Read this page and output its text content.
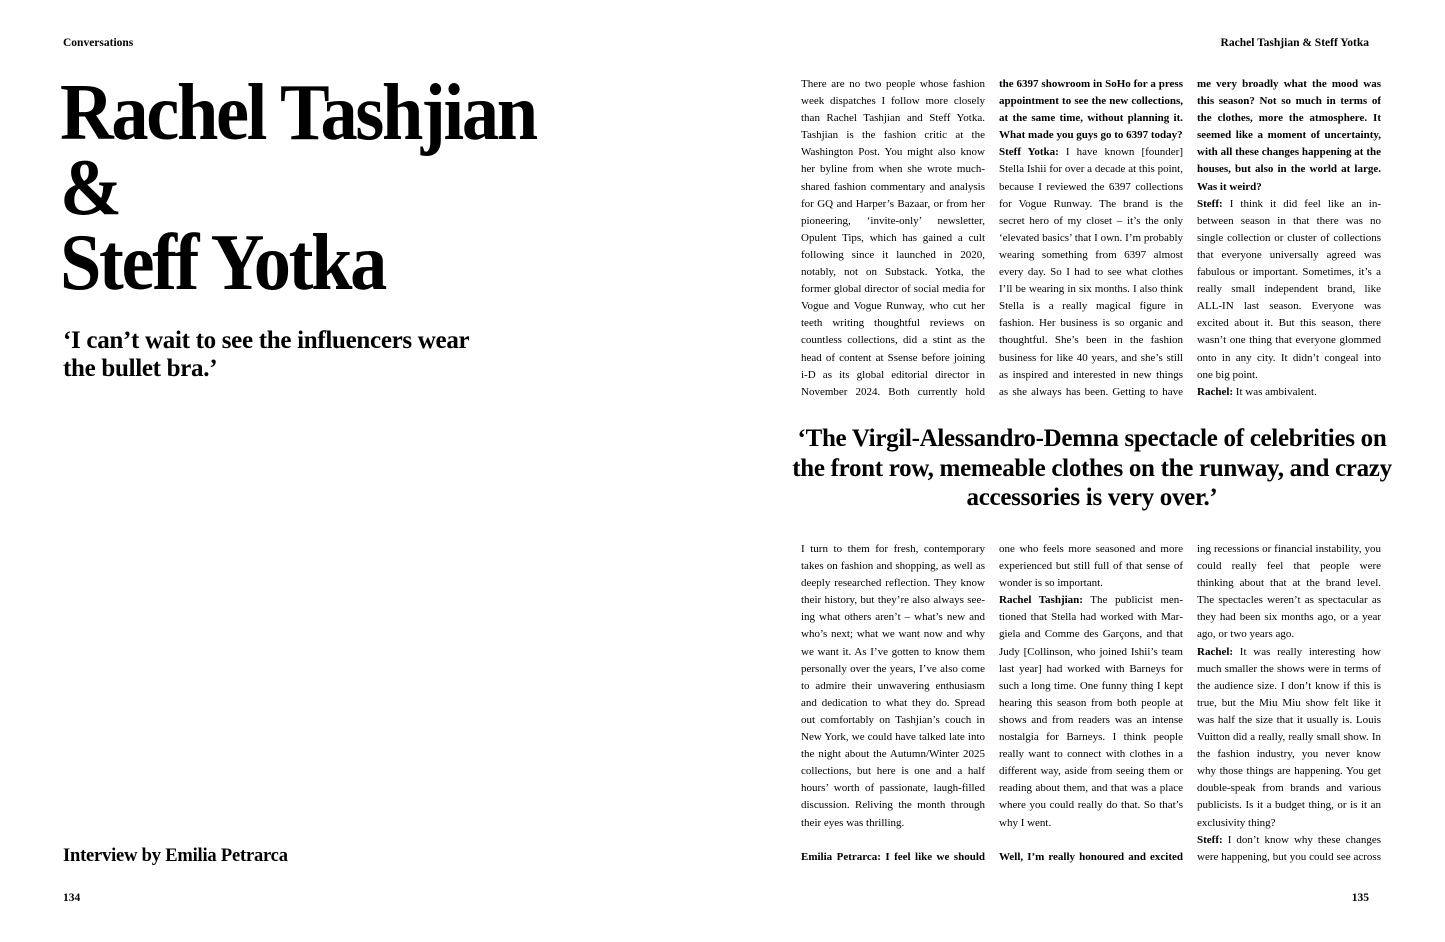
Conversations	Rachel Tashjian & Steff Yotka
Rachel Tashjian
&
Steff Yotka

‘I can’t wait to see the influencers wear the bullet bra.’

Interview by Emilia Petrarca

There are no two people whose fashion week dispatches I follow more closely than Rachel Tashjian and Steff Yotka. Tashjian is the fashion critic at the Washington Post. You might also know her byline from when she wrote much-shared fashion commentary and analysis for GQ and Harper’s Bazaar, or from her pioneering, ‘invite-only’ newsletter, Opulent Tips, which has gained a cult following since it launched in 2020, notably, not on Substack. Yotka, the former global director of social media for Vogue and Vogue Runway, who cut her teeth writing thoughtful reviews on countless collections, did a stint as the head of content at Ssense before joining i-D as its global editorial director in November 2024. Both currently hold

the 6397 showroom in SoHo for a press appointment to see the new collections, at the same time, without planning it. What made you guys go to 6397 today?

Steff Yotka: I have known [founder] Stella Ishii for over a decade at this point, because I reviewed the 6397 collections for Vogue Runway. The brand is the secret hero of my closet – it’s the only ‘elevated basics’ that I own. I’m probably wearing something from 6397 almost every day. So I had to see what clothes I’ll be wearing in six months. I also think Stella is a really magical figure in fashion. Her business is so organic and thoughtful. She’s been in the fashion business for like 40 years, and she’s still as inspired and interested in new things as she always has been. Getting to have

me very broadly what the mood was this season? Not so much in terms of the clothes, more the atmosphere. It seemed like a moment of uncertainty, with all these changes happening at the houses, but also in the world at large. Was it weird?

Steff: I think it did feel like an in-between season in that there was no single collection or cluster of collections that everyone universally agreed was fabulous or important. Sometimes, it’s a really small independent brand, like ALL-IN last season. Everyone was excited about it. But this season, there wasn’t one thing that everyone glommed onto in any city. It didn’t congeal into one big point.

Rachel: It was ambivalent.

‘The Virgil-Alessandro-Demna spectacle of celebrities on the front row, memeable clothes on the runway, and crazy accessories is very over.’

I turn to them for fresh, contemporary takes on fashion and shopping, as well as deeply researched reflection. They know their history, but they’re also always seeing what others aren’t – what’s new and who’s next; what we want now and why we want it. As I’ve gotten to know them personally over the years, I’ve also come to admire their unwavering enthusiasm and dedication to what they do. Spread out comfortably on Tashjian’s couch in New York, we could have talked late into the night about the Autumn/Winter 2025 collections, but here is one and a half hours’ worth of passionate, laugh-filled discussion. Reliving the month through their eyes was thrilling.

Emilia Petrarca: I feel like we should

one who feels more seasoned and more experienced but still full of that sense of wonder is so important.

Rachel Tashjian: The publicist mentioned that Stella had worked with Margiela and Comme des Garçons, and that Judy [Collinson, who joined Ishii’s team last year] had worked with Barneys for such a long time. One funny thing I kept hearing this season from both people at shows and from readers was an intense nostalgia for Barneys. I think people really want to connect with clothes in a different way, aside from seeing them or reading about them, and that was a place where you could really do that. So that’s why I went.

Well, I’m really honoured and excited

ing recessions or financial instability, you could really feel that people were thinking about that at the brand level. The spectacles weren’t as spectacular as they had been six months ago, or a year ago, or two years ago.

Rachel: It was really interesting how much smaller the shows were in terms of the audience size. I don’t know if this is true, but the Miu Miu show felt like it was half the size that it usually is. Louis Vuitton did a really, really small show. In the fashion industry, you never know why those things are happening. You get double-speak from brands and various publicists. Is it a budget thing, or is it an exclusivity thing?

Steff: I don’t know why these changes were happening, but you could see across

134	135
